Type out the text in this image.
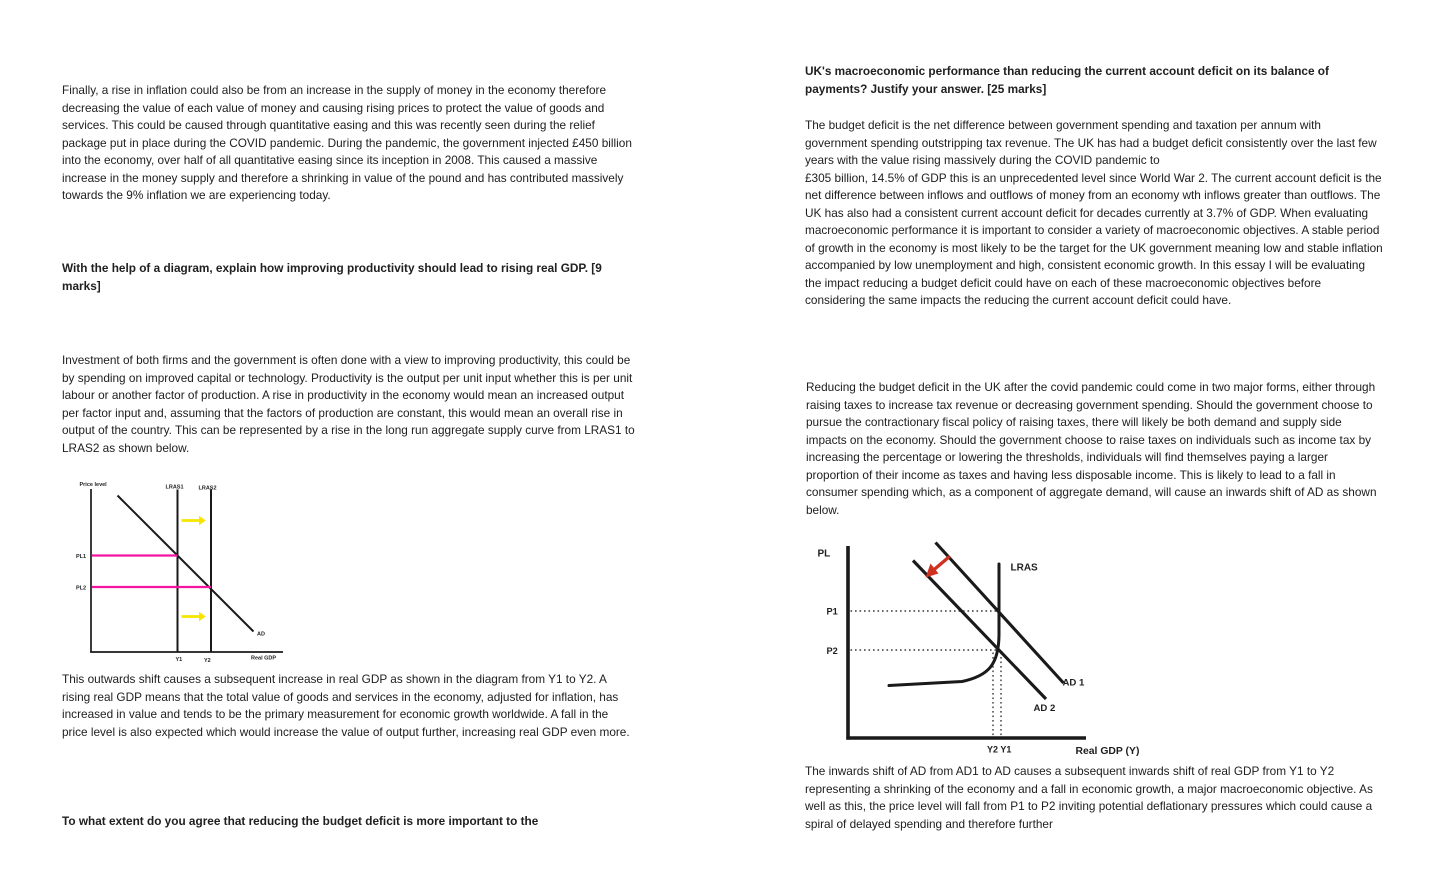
Finally, a rise in inflation could also be from an increase in the supply of money in the economy therefore decreasing the value of each value of money and causing rising prices to protect the value of goods and services. This could be caused through quantitative easing and this was recently seen during the relief package put in place during the COVID pandemic. During the pandemic, the government injected £450 billion into the economy, over half of all quantitative easing since its inception in 2008. This caused a massive increase in the money supply and therefore a shrinking in value of the pound and has contributed massively towards the 9% inflation we are experiencing today.
With the help of a diagram, explain how improving productivity should lead to rising real GDP. [9 marks]
Investment of both firms and the government is often done with a view to improving productivity, this could be by spending on improved capital or technology. Productivity is the output per unit input whether this is per unit labour or another factor of production. A rise in productivity in the economy would mean an increased output per factor input and, assuming that the factors of production are constant, this would mean an overall rise in output of the country. This can be represented by a rise in the long run aggregate supply curve from LRAS1 to LRAS2 as shown below.
Price level	LRAS1	LRAS2
PL1
PL2
AD
Y1	Y2	Real GDP
This outwards shift causes a subsequent increase in real GDP as shown in the diagram from Y1 to Y2. A rising real GDP means that the total value of goods and services in the economy, adjusted for inflation, has increased in value and tends to be the primary measurement for economic growth worldwide. A fall in the price level is also expected which would increase the value of output further, increasing real GDP even more.
To what extent do you agree that reducing the budget deficit is more important to the
UK's macroeconomic performance than reducing the current account deficit on its balance of payments? Justify your answer. [25 marks]
The budget deficit is the net difference between government spending and taxation per annum with government spending outstripping tax revenue. The UK has had a budget deficit consistently over the last few years with the value rising massively during the COVID pandemic to
£305 billion, 14.5% of GDP this is an unprecedented level since World War 2. The current account deficit is the net difference between inflows and outflows of money from an economy wth inflows greater than outflows. The UK has also had a consistent current account deficit for decades currently at 3.7% of GDP. When evaluating macroeconomic performance it is important to consider a variety of macroeconomic objectives. A stable period of growth in the economy is most likely to be the target for the UK government meaning low and stable inflation accompanied by low unemployment and high, consistent economic growth. In this essay I will be evaluating the impact reducing a budget deficit could have on each of these macroeconomic objectives before considering the same impacts the reducing the current account deficit could have.
Reducing the budget deficit in the UK after the covid pandemic could come in two major forms, either through raising taxes to increase tax revenue or decreasing government spending. Should the government choose to pursue the contractionary fiscal policy of raising taxes, there will likely be both demand and supply side impacts on the economy. Should the government choose to raise taxes on individuals such as income tax by increasing the percentage or lowering the thresholds, individuals will find themselves paying a larger proportion of their income as taxes and having less disposable income. This is likely to lead to a fall in consumer spending which, as a component of aggregate demand, will cause an inwards shift of AD as shown below.
PL
P1
P2
LRAS
AD 1
AD 2
Y2 Y1	Real GDP (Y)
The inwards shift of AD from AD1 to AD causes a subsequent inwards shift of real GDP from Y1 to Y2 representing a shrinking of the economy and a fall in economic growth, a major macroeconomic objective. As well as this, the price level will fall from P1 to P2 inviting potential deflationary pressures which could cause a spiral of delayed spending and therefore further
